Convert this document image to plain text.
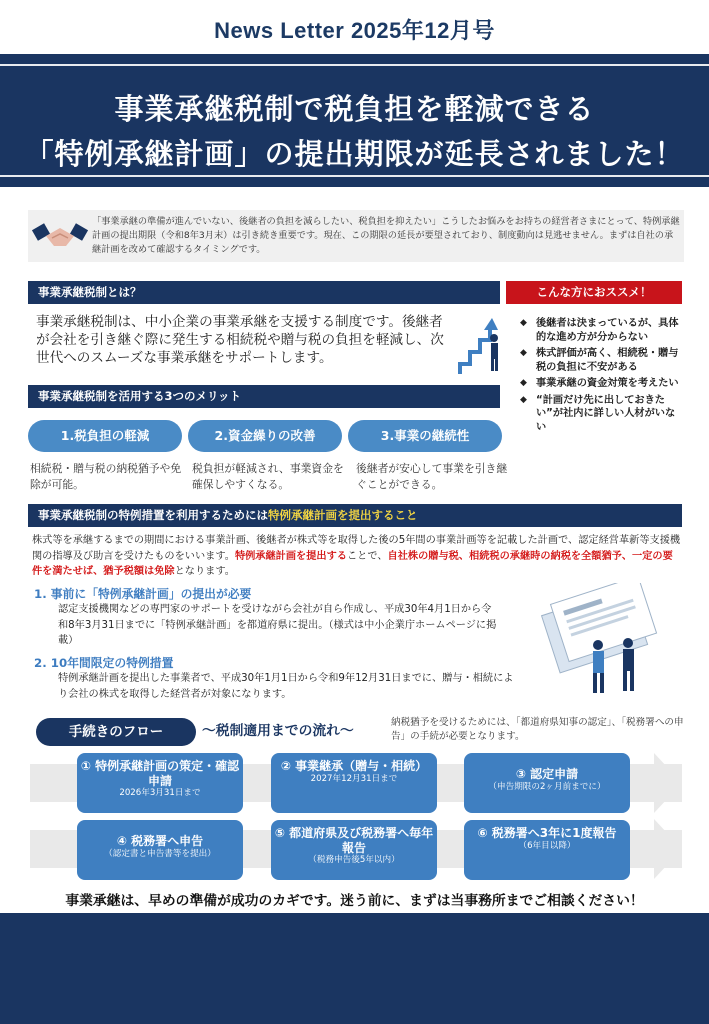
News Letter 2025年12月号
事業承継税制で税負担を軽減できる
「特例承継計画」の提出期限が延長されました！

「事業承継の準備が進んでいない、後継者の負担を減らしたい、税負担を抑えたい」こうしたお悩みをお持ちの経営者さまにとって、特例承継計画の提出期限（令和8年3月末）は引き続き重要です。現在、この期限の延長が要望されており、制度動向は見逃せません。まずは自社の承継計画を改めて確認するタイミングです。

事業承継税制とは？	こんな方におススメ！
事業承継税制は、中小企業の事業承継を支援する制度です。後継者が会社を引き継ぐ際に発生する相続税や贈与税の負担を軽減し、次世代へのスムーズな事業承継をサポートします。
◆ 後継者は決まっているが、具体的な進め方が分からない
◆ 株式評価が高く、相続税・贈与税の負担に不安がある
◆ 事業承継の資金対策を考えたい
◆ “計画だけ先に出しておきたい”が社内に詳しい人材がいない
事業承継税制を活用する3つのメリット
1.税負担の軽減	2.資金繰りの改善	3.事業の継続性
相続税・贈与税の納税猶予や免除が可能。
税負担が軽減され、事業資金を確保しやすくなる。
後継者が安心して事業を引き継ぐことができる。
事業承継税制の特例措置を利用するためには特例承継計画を提出すること
株式等を承継するまでの期間における事業計画、後継者が株式等を取得した後の5年間の事業計画等を記載した計画で、認定経営革新等支援機関の指導及び助言を受けたものをいいます。特例承継計画を提出することで、自社株の贈与税、相続税の承継時の納税を全額猶予、一定の要件を満たせば、猶予税額は免除となります。
1. 事前に「特例承継計画」の提出が必要
認定支援機関などの専門家のサポートを受けながら会社が自ら作成し、平成30年4月1日から令和8年3月31日までに「特例承継計画」を都道府県に提出。（様式は中小企業庁ホームページに掲載）
2. 10年間限定の特例措置
特例承継計画を提出した事業者で、平成30年1月1日から令和9年12月31日までに、贈与・相続により会社の株式を取得した経営者が対象になります。
手続きのフロー	～税制適用までの流れ～
納税猶予を受けるためには、「都道府県知事の認定」、「税務署への申告」の手続が必要となります。
① 特例承継計画の策定・確認申請
2026年3月31日まで
② 事業継承（贈与・相続）
2027年12月31日まで	③ 認定申請
（申告期限の2ヶ月前までに）
④ 税務署へ申告
（認定書と申告書等を提出）
⑤ 都道府県及び税務署へ毎年報告
（税務申告後5年以内）
⑥ 税務署へ3年に1度報告
（6年目以降）
事業承継は、早めの準備が成功のカギです。迷う前に、まずは当事務所までご相談ください！
